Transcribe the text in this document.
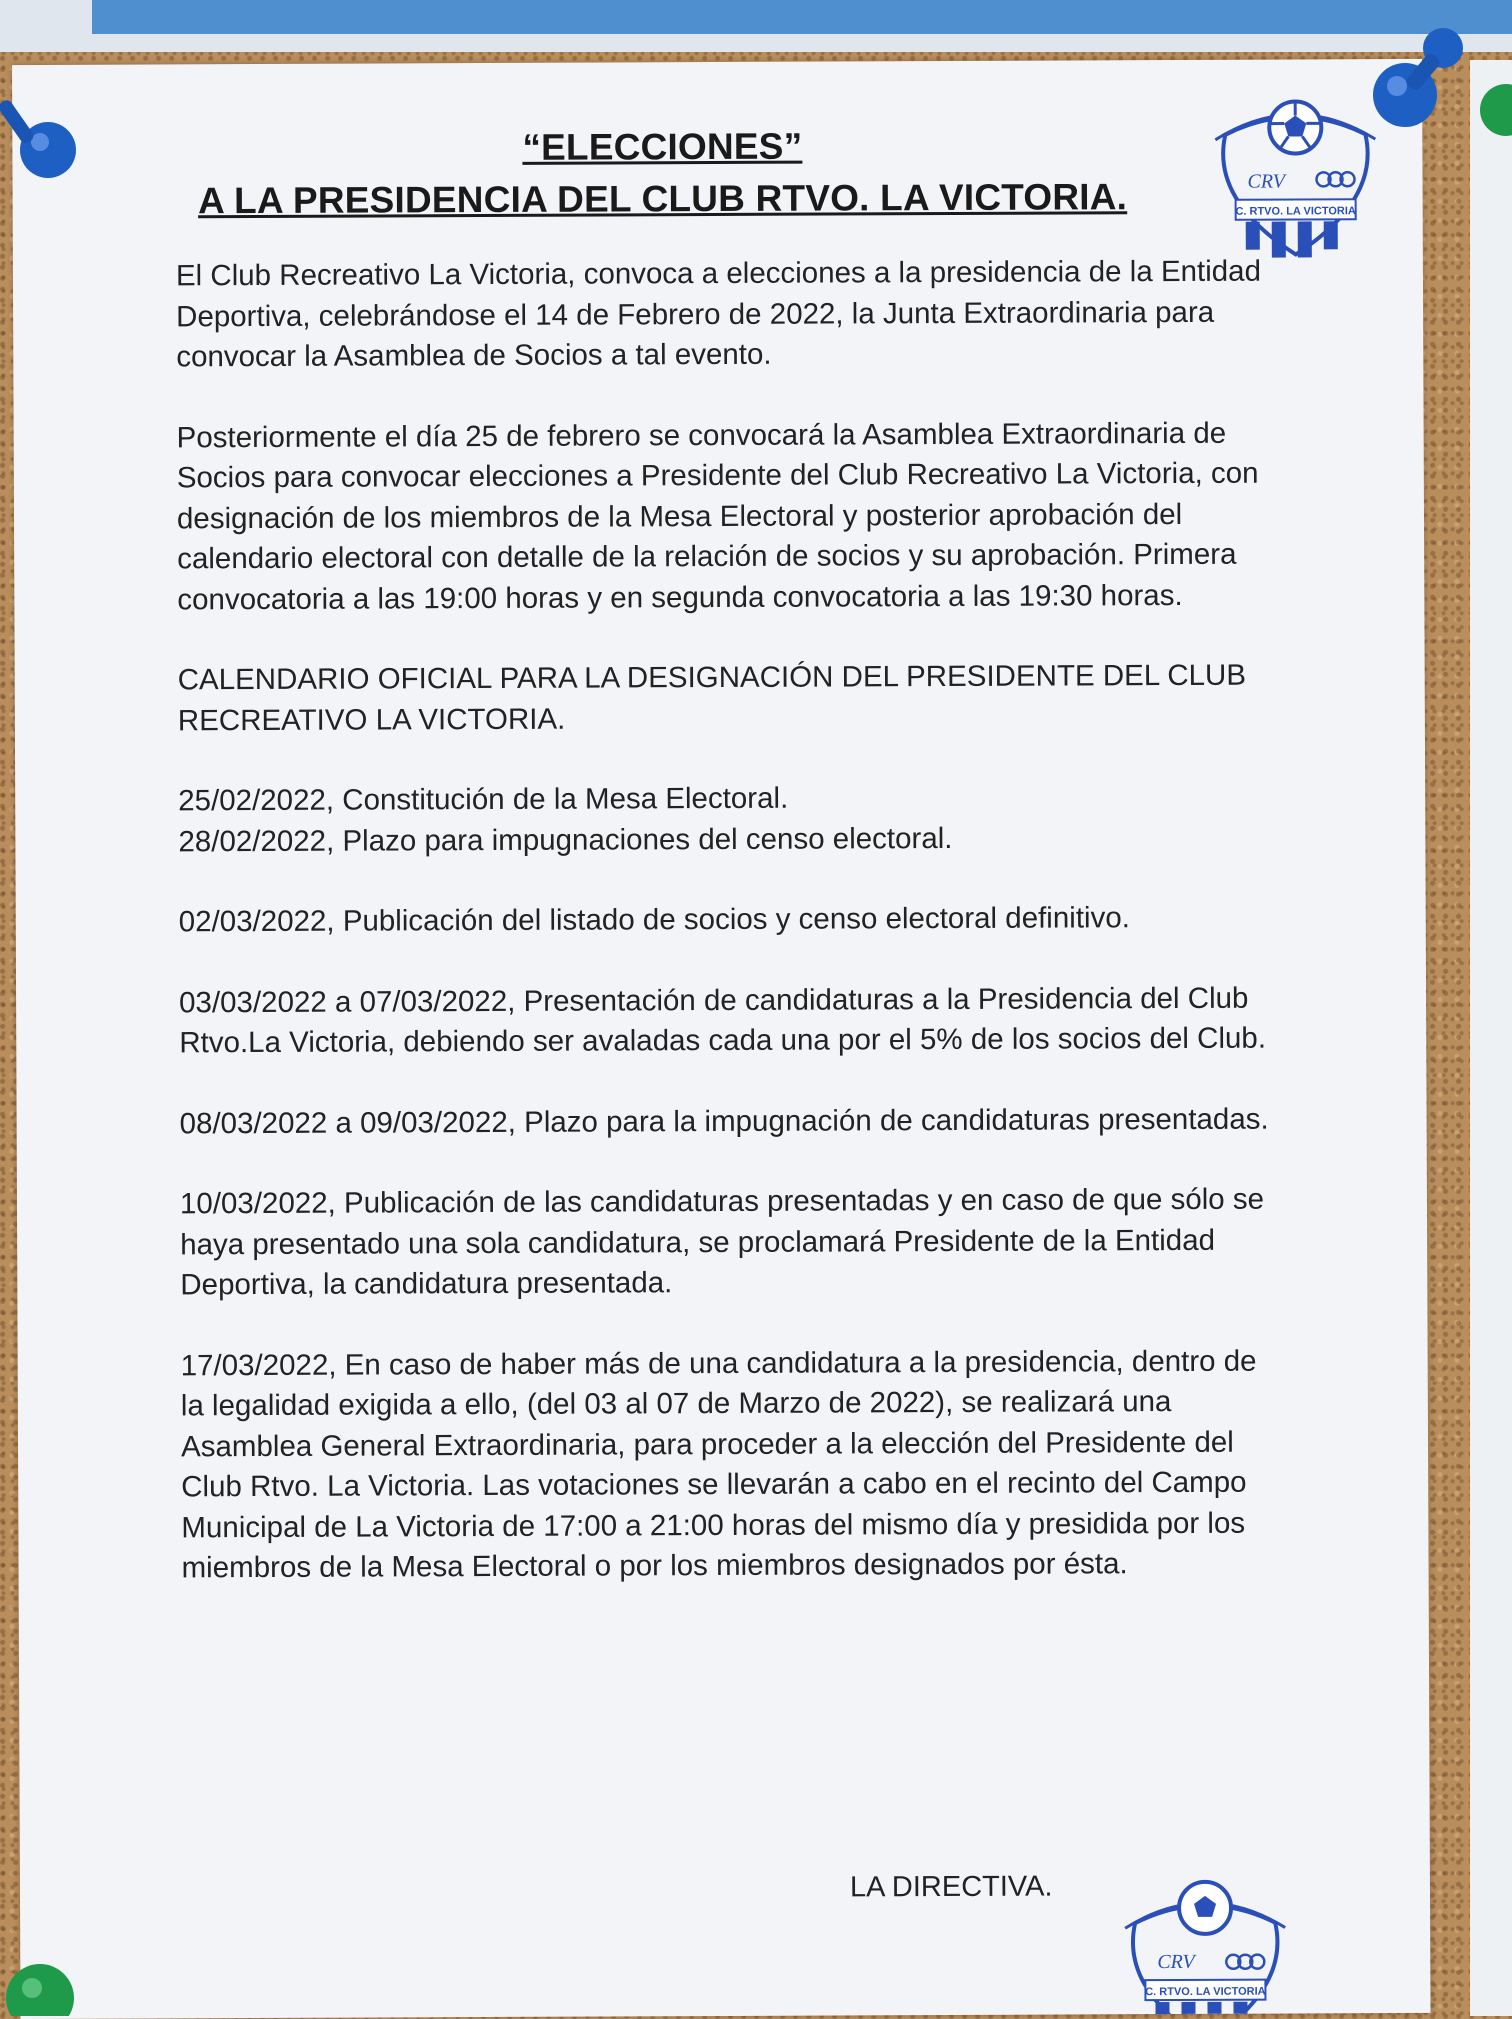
“ELECCIONES”
A LA PRESIDENCIA DEL CLUB RTVO. LA VICTORIA.	CRV
C. RTVO. LA VICTORIA

El Club Recreativo La Victoria, convoca a elecciones a la presidencia de la Entidad Deportiva, celebrándose el 14 de Febrero de 2022, la Junta Extraordinaria para convocar la Asamblea de Socios a tal evento.

Posteriormente el día 25 de febrero se convocará la Asamblea Extraordinaria de Socios para convocar elecciones a Presidente del Club Recreativo La Victoria, con designación de los miembros de la Mesa Electoral y posterior aprobación del calendario electoral con detalle de la relación de socios y su aprobación. Primera convocatoria a las 19:00 horas y en segunda convocatoria a las 19:30 horas.

CALENDARIO OFICIAL PARA LA DESIGNACIÓN DEL PRESIDENTE DEL CLUB RECREATIVO LA VICTORIA.

25/02/2022, Constitución de la Mesa Electoral.

28/02/2022, Plazo para impugnaciones del censo electoral.

02/03/2022, Publicación del listado de socios y censo electoral definitivo.

03/03/2022 a 07/03/2022, Presentación de candidaturas a la Presidencia del Club Rtvo.La Victoria, debiendo ser avaladas cada una por el 5% de los socios del Club.

08/03/2022 a 09/03/2022, Plazo para la impugnación de candidaturas presentadas.

10/03/2022, Publicación de las candidaturas presentadas y en caso de que sólo se haya presentado una sola candidatura, se proclamará Presidente de la Entidad Deportiva, la candidatura presentada.

17/03/2022, En caso de haber más de una candidatura a la presidencia, dentro de la legalidad exigida a ello, (del 03 al 07 de Marzo de 2022), se realizará una Asamblea General Extraordinaria, para proceder a la elección del Presidente del Club Rtvo. La Victoria. Las votaciones se llevarán a cabo en el recinto del Campo Municipal de La Victoria de 17:00 a 21:00 horas del mismo día y presidida por los miembros de la Mesa Electoral o por los miembros designados por ésta.

LA DIRECTIVA.
CRV
C. RTVO. LA VICTORIA
